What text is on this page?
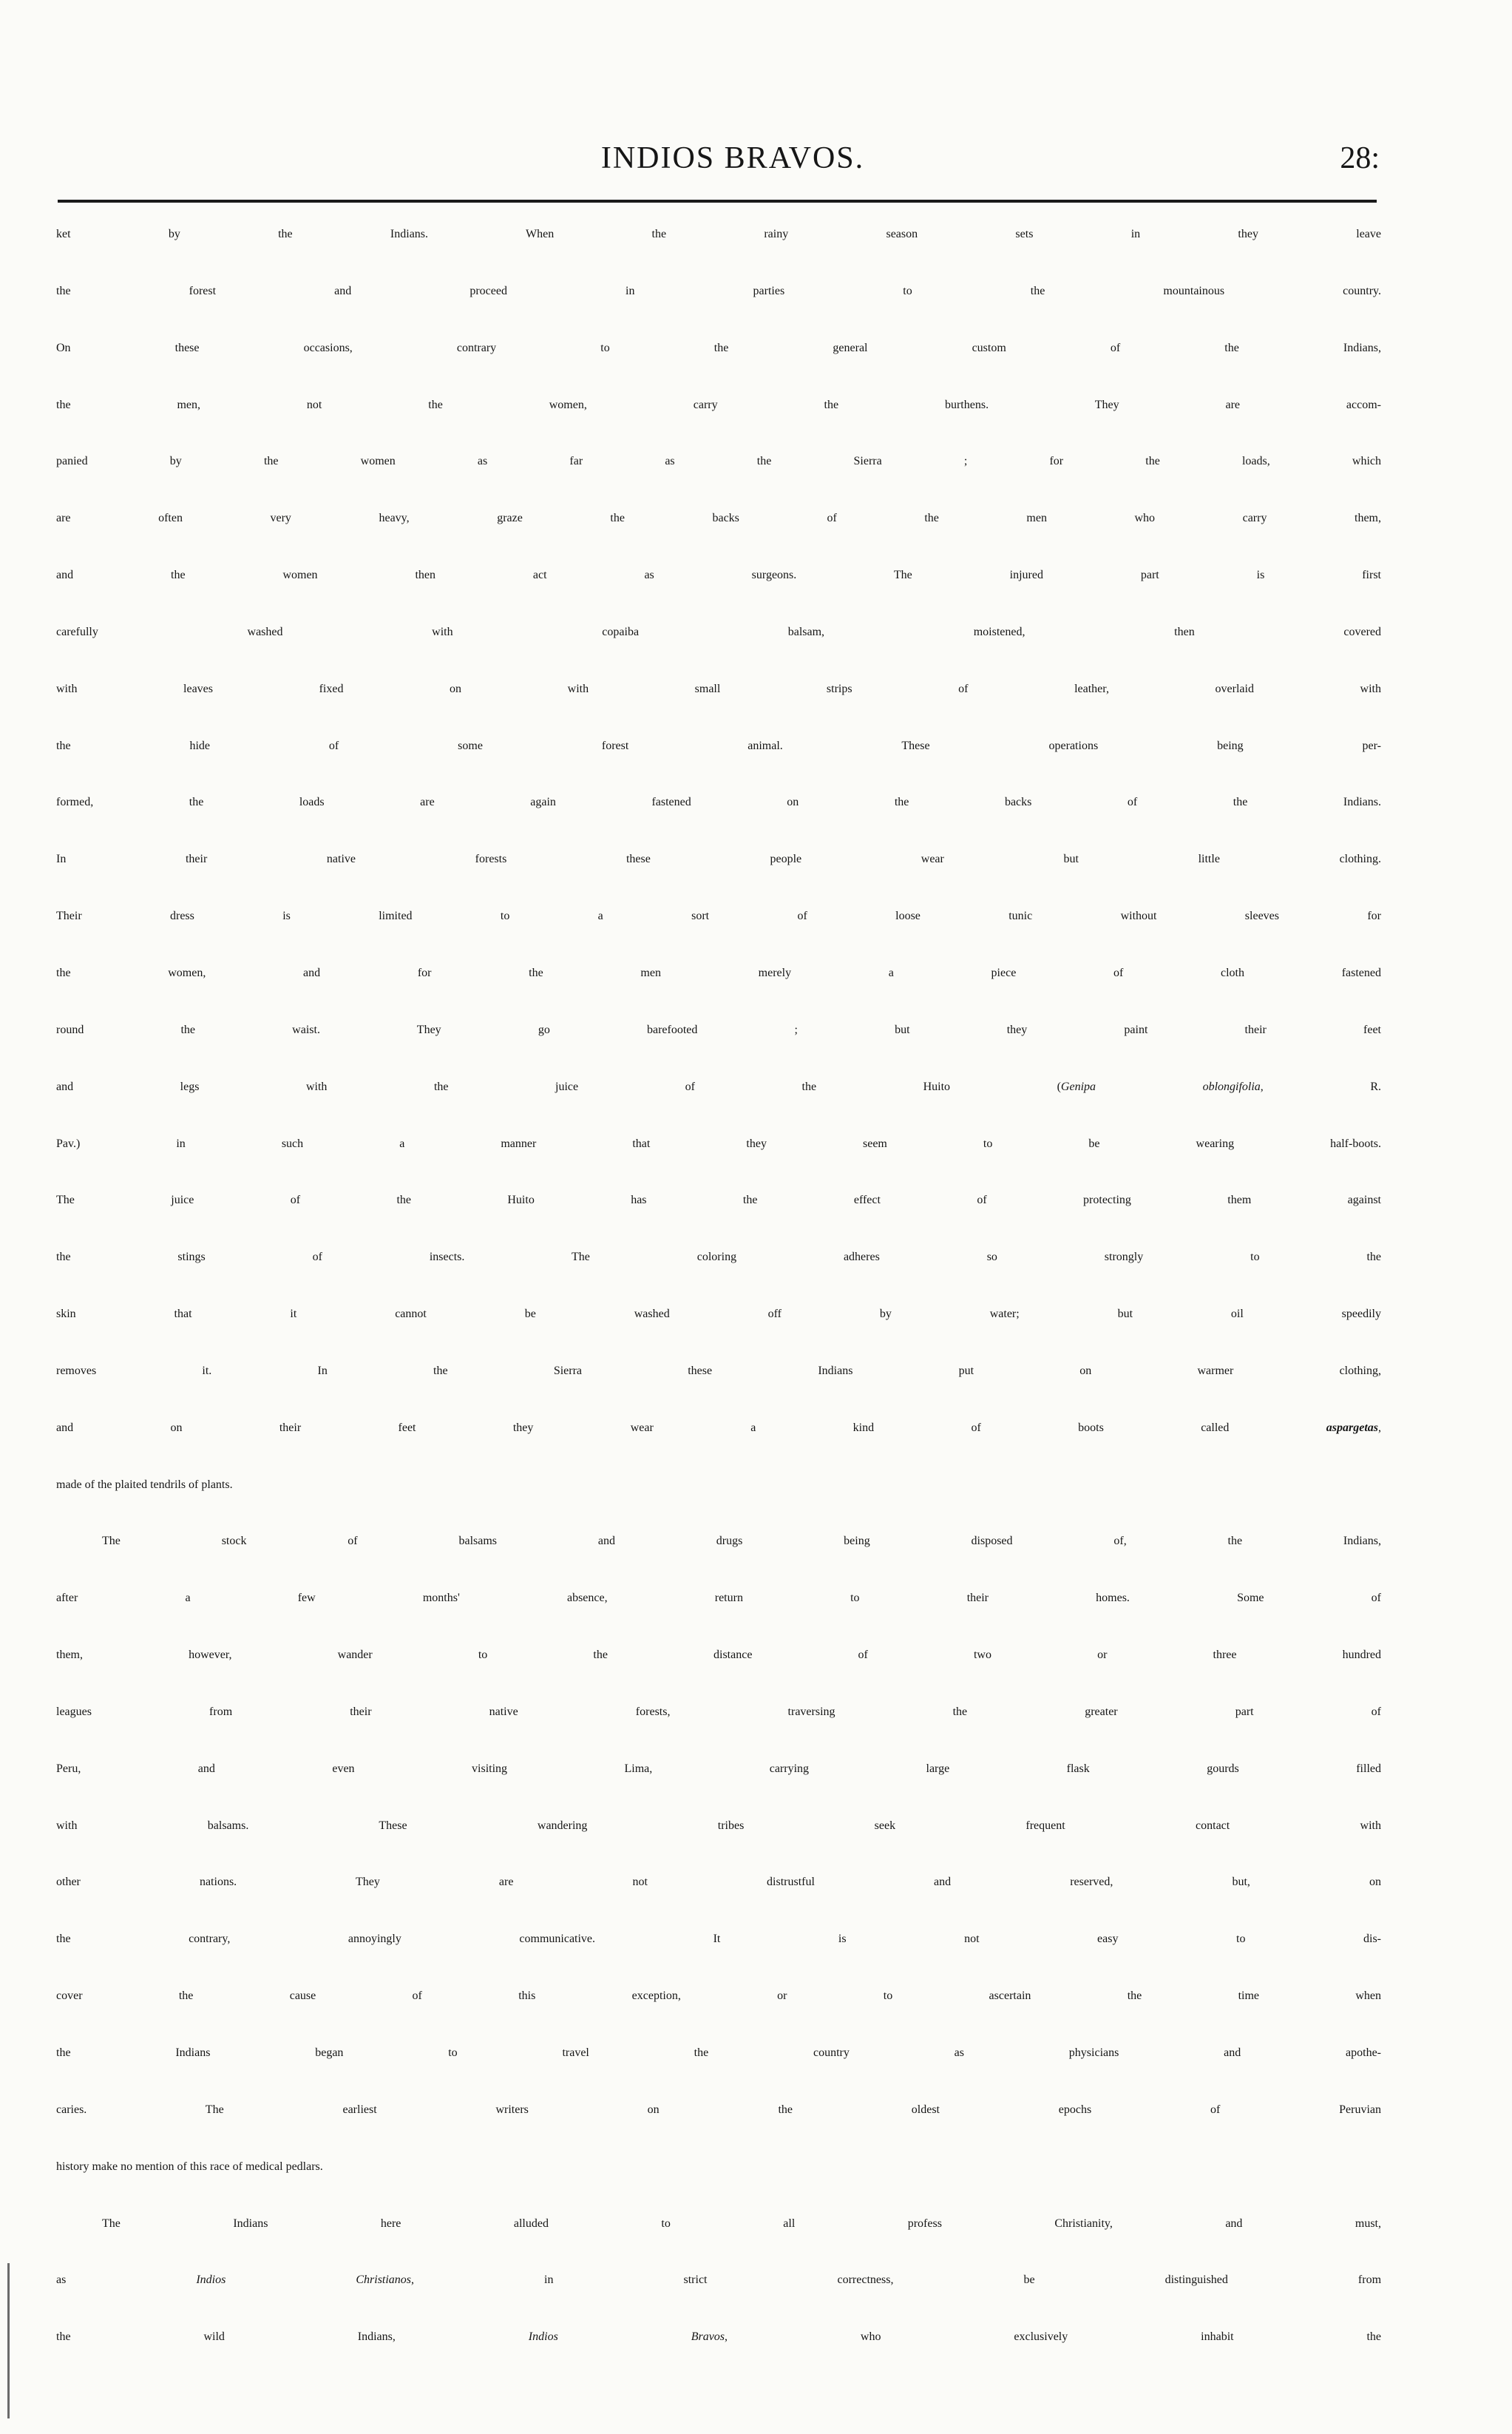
INDIOS BRAVOS.	28:
ket by the Indians. When the rainy season sets in they leave
the forest and proceed in parties to the mountainous country.
On these occasions, contrary to the general custom of the Indians,
the men, not the women, carry the burthens. They are accom-
panied by the women as far as the Sierra ; for the loads, which
are often very heavy, graze the backs of the men who carry them,
and the women then act as surgeons. The injured part is first
carefully washed with copaiba balsam, moistened, then covered
with leaves fixed on with small strips of leather, overlaid with
the hide of some forest animal. These operations being per-
formed, the loads are again fastened on the backs of the Indians.
In their native forests these people wear but little clothing.
Their dress is limited to a sort of loose tunic without sleeves for
the women, and for the men merely a piece of cloth fastened
round the waist. They go barefooted ; but they paint their feet
and legs with the juice of the Huito (Genipa oblongifolia, R.
Pav.) in such a manner that they seem to be wearing half-boots.
The juice of the Huito has the effect of protecting them against
the stings of insects. The coloring adheres so strongly to the
skin that it cannot be washed off by water; but oil speedily
removes it. In the Sierra these Indians put on warmer clothing,
and on their feet they wear a kind of boots called aspargetas,
made of the plaited tendrils of plants.
The stock of balsams and drugs being disposed of, the Indians,
after a few months' absence, return to their homes. Some of
them, however, wander to the distance of two or three hundred
leagues from their native forests, traversing the greater part of
Peru, and even visiting Lima, carrying large flask gourds filled
with balsams. These wandering tribes seek frequent contact with
other nations. They are not distrustful and reserved, but, on
the contrary, annoyingly communicative. It is not easy to dis-
cover the cause of this exception, or to ascertain the time when
the Indians began to travel the country as physicians and apothe-
caries. The earliest writers on the oldest epochs of Peruvian
history make no mention of this race of medical pedlars.
The Indians here alluded to all profess Christianity, and must,
as Indios Christianos, in strict correctness, be distinguished from
the wild Indians, Indios Bravos, who exclusively inhabit the
